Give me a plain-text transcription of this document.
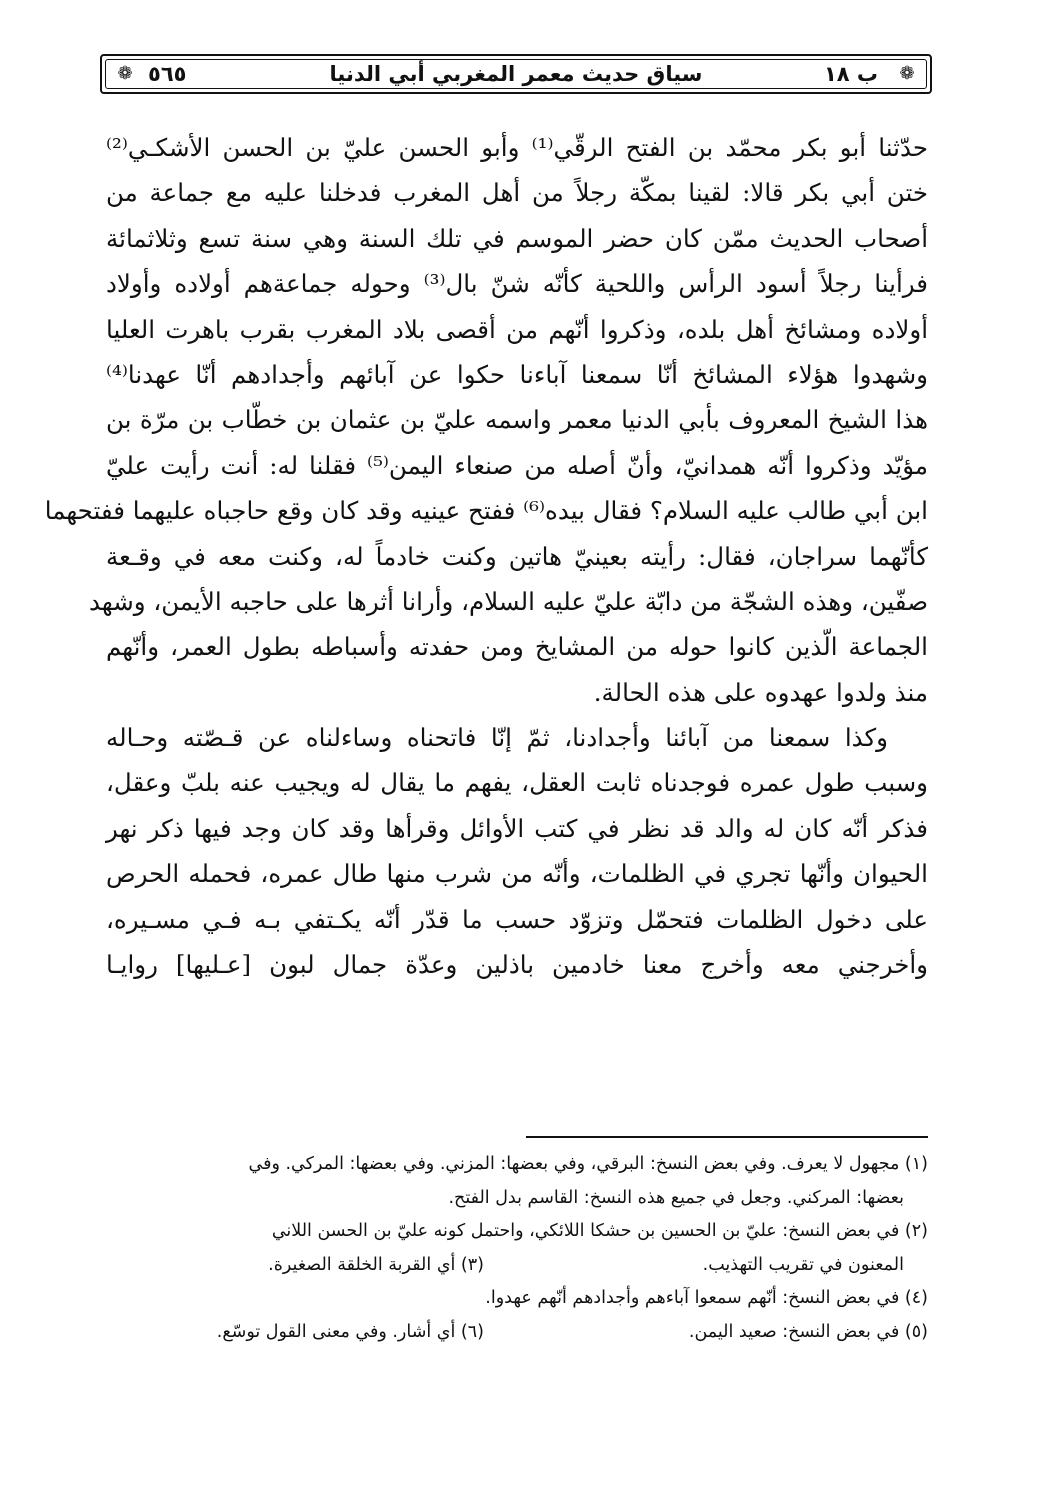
❁
ب ١٨
سياق حديث معمر المغربي أبي الدنيا
٥٦٥
❁
حدّثنا أبو بكر محمّد بن الفتح الرقّي⁽¹⁾ وأبو الحسن عليّ بن الحسن الأشكـي⁽²⁾
ختن أبي بكر قالا: لقينا بمكّة رجلاً من أهل المغرب فدخلنا عليه مع جماعة من
أصحاب الحديث ممّن كان حضر الموسم في تلك السنة وهي سنة تسع وثلاثمائة
فرأينا رجلاً أسود الرأس واللحية كأنّه شنّ بال⁽³⁾ وحوله جماعةهم أولاده وأولاد
أولاده ومشائخ أهل بلده، وذكروا أنّهم من أقصى بلاد المغرب بقرب باهرت العليا
وشهدوا هؤلاء المشائخ أنّا سمعنا آباءنا حكوا عن آبائهم وأجدادهم أنّا عهدنا⁽⁴⁾
هذا الشيخ المعروف بأبي الدنيا معمر واسمه عليّ بن عثمان بن خطّاب بن مرّة بن
مؤيّد وذكروا أنّه همدانيّ، وأنّ أصله من صنعاء اليمن⁽⁵⁾ فقلنا له: أنت رأيت عليّ
ابن أبي طالب عليه السلام؟ فقال بيده⁽⁶⁾ ففتح عينيه وقد كان وقع حاجباه عليهما ففتحهما
كأنّهما سراجان، فقال: رأيته بعينيّ هاتين وكنت خادماً له، وكنت معه في وقـعة
صفّين، وهذه الشجّة من دابّة عليّ عليه السلام، وأرانا أثرها على حاجبه الأيمن، وشهد
الجماعة الّذين كانوا حوله من المشايخ ومن حفدته وأسباطه بطول العمر، وأنّهم
منذ ولدوا عهدوه على هذه الحالة.
وكذا سمعنا من آبائنا وأجدادنا، ثمّ إنّا فاتحناه وساءلناه عن قـصّته وحـاله
وسبب طول عمره فوجدناه ثابت العقل، يفهم ما يقال له ويجيب عنه بلبّ وعقل،
فذكر أنّه كان له والد قد نظر في كتب الأوائل وقرأها وقد كان وجد فيها ذكر نهر
الحيوان وأنّها تجري في الظلمات، وأنّه من شرب منها طال عمره، فحمله الحرص
على دخول الظلمات فتحمّل وتزوّد حسب ما قدّر أنّه يكـتفي بـه فـي مسـيره،
وأخرجني معه وأخرج معنا خادمين باذلين وعدّة جمال لبون [عـليها] روايـا
(١) مجهول لا يعرف. وفي بعض النسخ: البرقي، وفي بعضها: المزني. وفي بعضها: المركي. وفي
بعضها: المركني. وجعل في جميع هذه النسخ: القاسم بدل الفتح.
(٢) في بعض النسخ: عليّ بن الحسين بن حشكا اللائكي، واحتمل كونه عليّ بن الحسن اللاني
المعنون في تقريب التهذيب.
(٣) أي القربة الخلقة الصغيرة.
(٤) في بعض النسخ: أنّهم سمعوا آباءهم وأجدادهم أنّهم عهدوا.
(٥) في بعض النسخ: صعيد اليمن.
(٦) أي أشار. وفي معنى القول توسّع.
